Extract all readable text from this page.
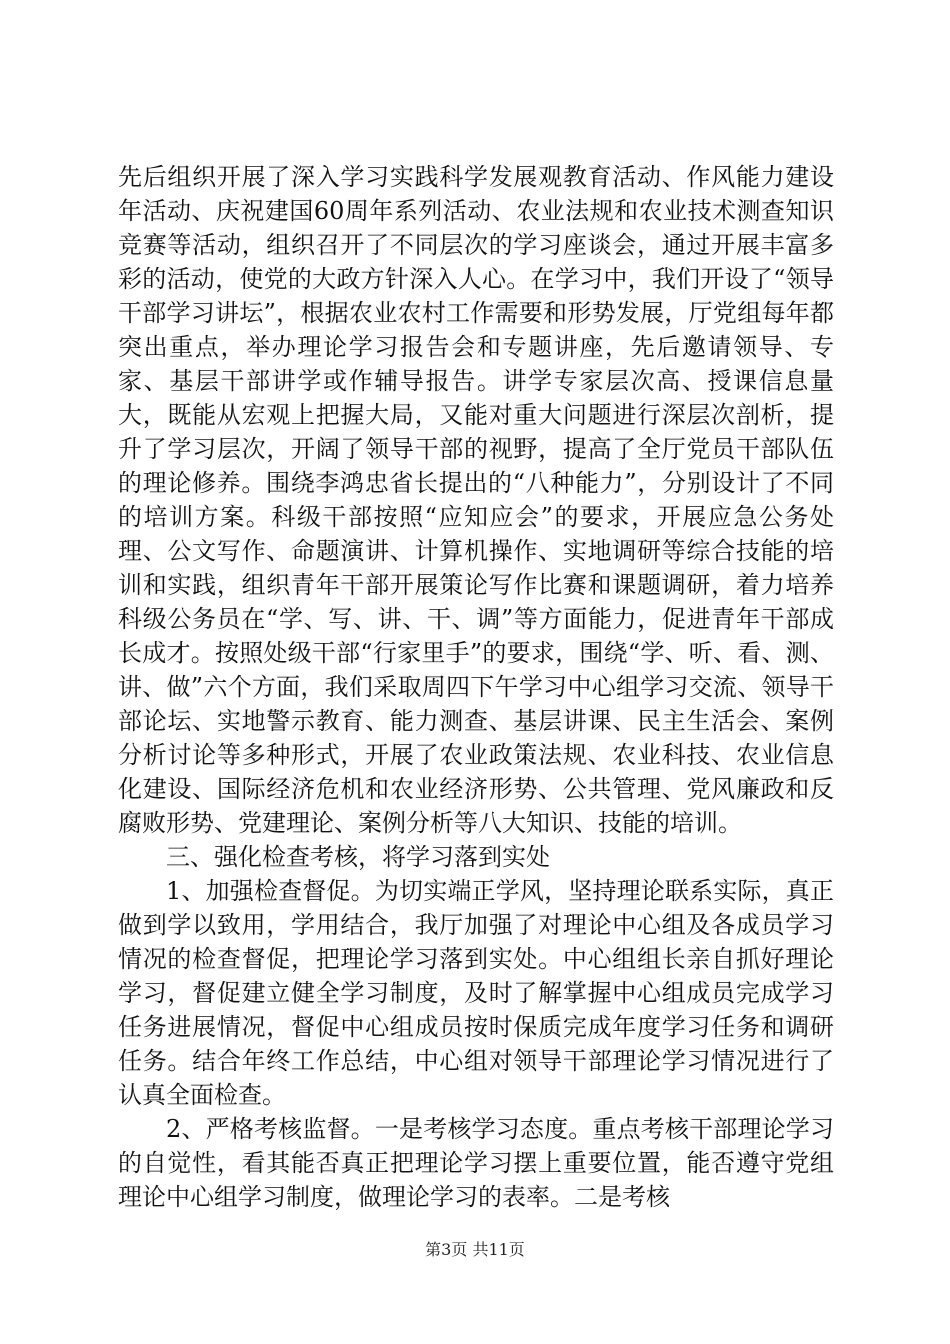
先后组织开展了深入学习实践科学发展观教育活动、作风能力建设年活动、庆祝建国60周年系列活动、农业法规和农业技术测查知识竞赛等活动，组织召开了不同层次的学习座谈会，通过开展丰富多彩的活动，使党的大政方针深入人心。在学习中，我们开设了“领导干部学习讲坛”，根据农业农村工作需要和形势发展，厅党组每年都突出重点，举办理论学习报告会和专题讲座，先后邀请领导、专家、基层干部讲学或作辅导报告。讲学专家层次高、授课信息量大，既能从宏观上把握大局，又能对重大问题进行深层次剖析，提升了学习层次，开阔了领导干部的视野，提高了全厅党员干部队伍的理论修养。围绕李鸿忠省长提出的“八种能力”，分别设计了不同的培训方案。科级干部按照“应知应会”的要求，开展应急公务处理、公文写作、命题演讲、计算机操作、实地调研等综合技能的培训和实践，组织青年干部开展策论写作比赛和课题调研，着力培养科级公务员在“学、写、讲、干、调”等方面能力，促进青年干部成长成才。按照处级干部“行家里手”的要求，围绕“学、听、看、测、讲、做”六个方面，我们采取周四下午学习中心组学习交流、领导干部论坛、实地警示教育、能力测查、基层讲课、民主生活会、案例分析讨论等多种形式，开展了农业政策法规、农业科技、农业信息化建设、国际经济危机和农业经济形势、公共管理、党风廉政和反腐败形势、党建理论、案例分析等八大知识、技能的培训。

三、强化检查考核，将学习落到实处

1、加强检查督促。为切实端正学风，坚持理论联系实际，真正做到学以致用，学用结合，我厅加强了对理论中心组及各成员学习情况的检查督促，把理论学习落到实处。中心组组长亲自抓好理论学习，督促建立健全学习制度，及时了解掌握中心组成员完成学习任务进展情况，督促中心组成员按时保质完成年度学习任务和调研任务。结合年终工作总结，中心组对领导干部理论学习情况进行了认真全面检查。

2、严格考核监督。一是考核学习态度。重点考核干部理论学习的自觉性，看其能否真正把理论学习摆上重要位置，能否遵守党组理论中心组学习制度，做理论学习的表率。二是考核

第3页 共11页
